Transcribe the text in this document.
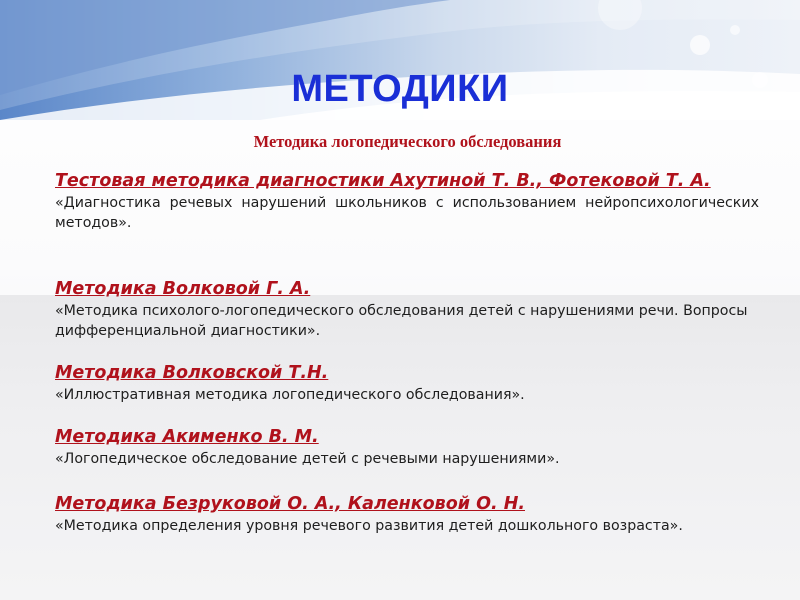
МЕТОДИКИ
Методика логопедического обследования

Тестовая методика диагностики Ахутиной Т. В., Фотековой Т. А.

«Диагностика речевых нарушений школьников с использованием нейропсихологических методов».

Методика Волковой Г. А.

«Методика психолого-логопедического обследования детей с нарушениями речи. Вопросы дифференциальной диагностики».

Методика Волковской Т.Н.

«Иллюстративная методика логопедического обследования».

Методика Акименко В. М.

«Логопедическое обследование детей с речевыми нарушениями».

Методика Безруковой О. А., Каленковой О. Н.

«Методика определения уровня речевого развития детей дошкольного возраста».
